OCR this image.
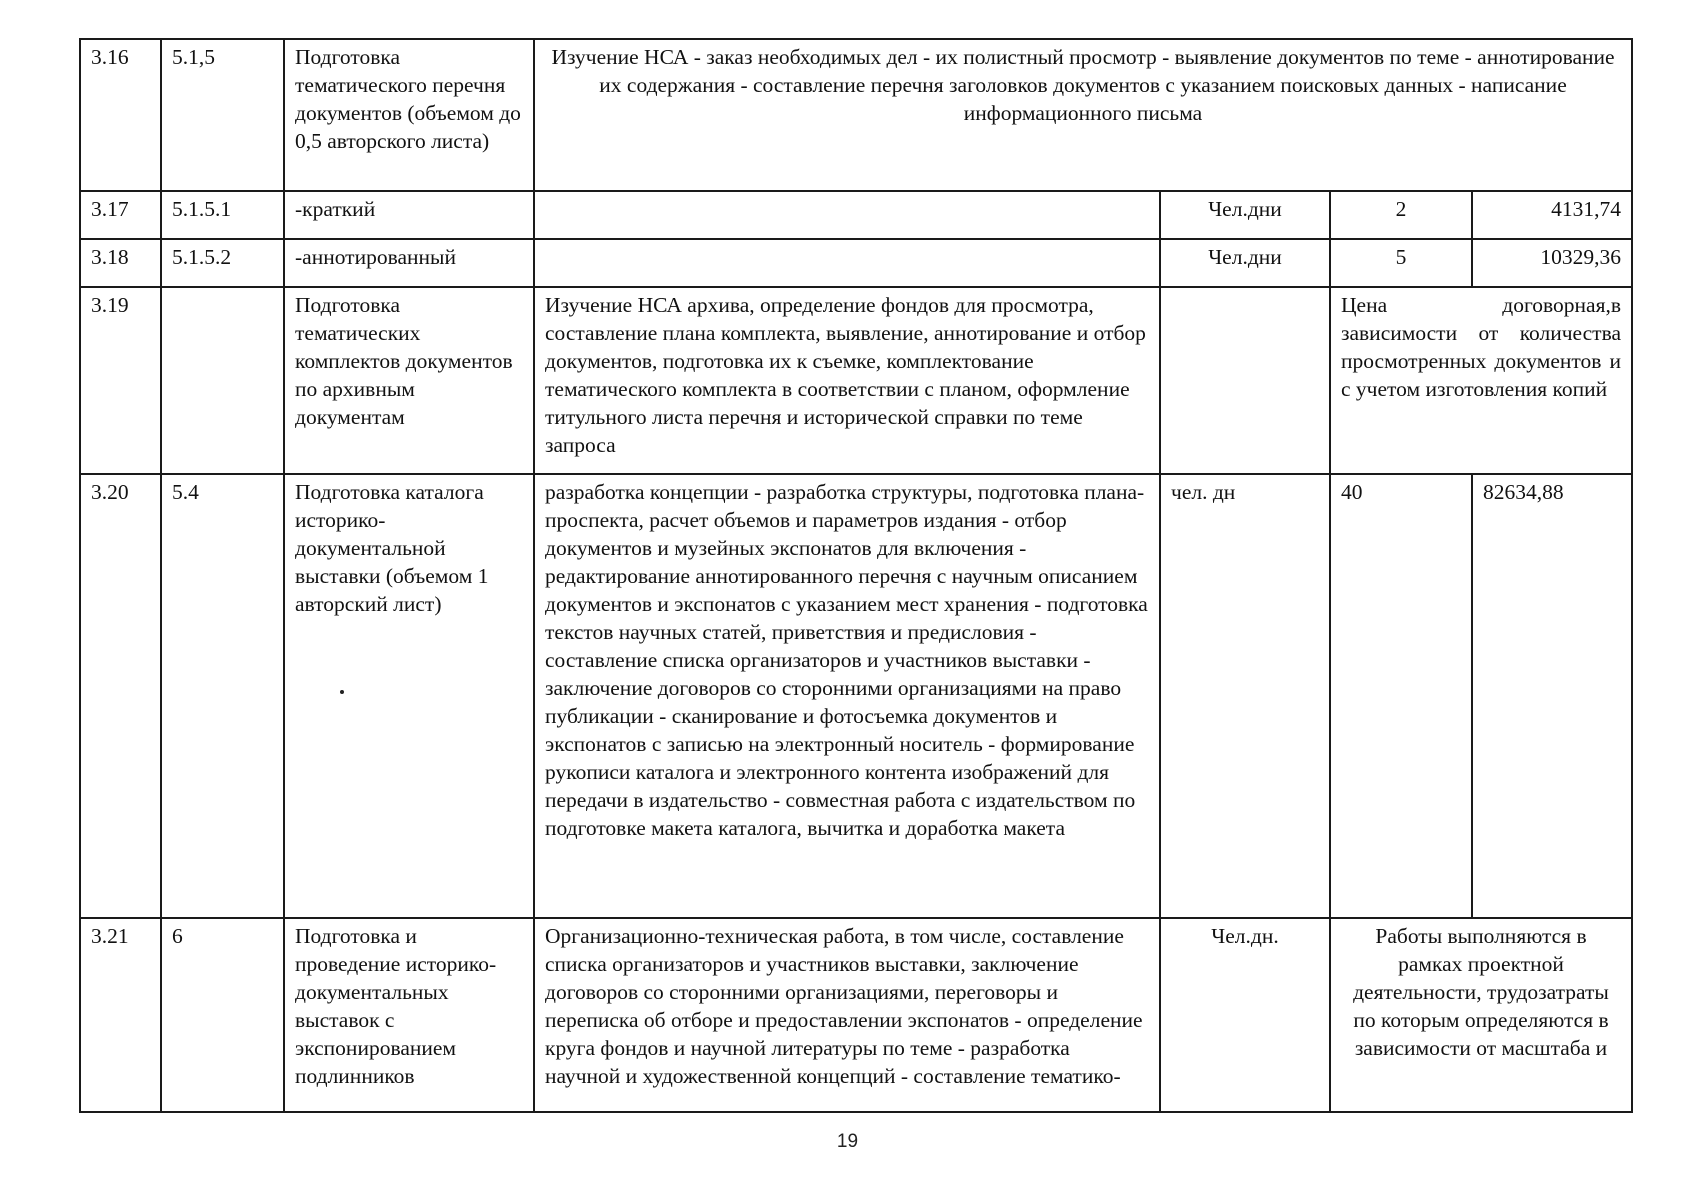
3.16	5.1,5	Подготовка тематического перечня документов (объемом до 0,5 авторского листа)	Изучение НСА - заказ необходимых дел - их полистный просмотр - выявление документов по теме - аннотирование их содержания - составление перечня заголовков документов с указанием поисковых данных - написание информационного письма			
3.17	5.1.5.1	-краткий		Чел.дни	2	4131,74
3.18	5.1.5.2	-аннотированный		Чел.дни	5	10329,36
3.19		Подготовка тематических комплектов документов по архивным документам	Изучение НСА архива, определение фондов для просмотра, составление плана комплекта, выявление, аннотирование и отбор документов, подготовка их к съемке, комплектование тематического комплекта в соответствии с планом, оформление титульного листа перечня и исторической справки по теме запроса		Цена договорная,в зависимости от количества просмотренных документов и с учетом изготовления копий	
3.20	5.4	Подготовка каталога историко-документальной выставки (объемом 1 авторский лист)	разработка концепции - разработка структуры, подготовка плана-проспекта, расчет объемов и параметров издания - отбор документов и музейных экспонатов для включения - редактирование аннотированного перечня с научным описанием документов и экспонатов с указанием мест хранения - подготовка текстов научных статей, приветствия и предисловия - составление списка организаторов и участников выставки - заключение договоров со сторонними организациями на право публикации - сканирование и фотосъемка документов и экспонатов с записью на электронный носитель - формирование рукописи каталога и электронного контента изображений для передачи в издательство - совместная работа с издательством по подготовке макета каталога, вычитка и доработка макета	чел. дн	40	82634,88
3.21	6	Подготовка и проведение историко-документальных выставок с экспонированием подлинников	Организационно-техническая работа, в том числе, составление списка организаторов и участников выставки, заключение договоров со сторонними организациями, переговоры и переписка об отборе и предоставлении экспонатов - определение круга фондов и научной литературы по теме - разработка научной и художественной концепций - составление тематико-	Чел.дн.	Работы выполняются в рамках проектной деятельности, трудозатраты по которым определяются в зависимости от масштаба и	
19
